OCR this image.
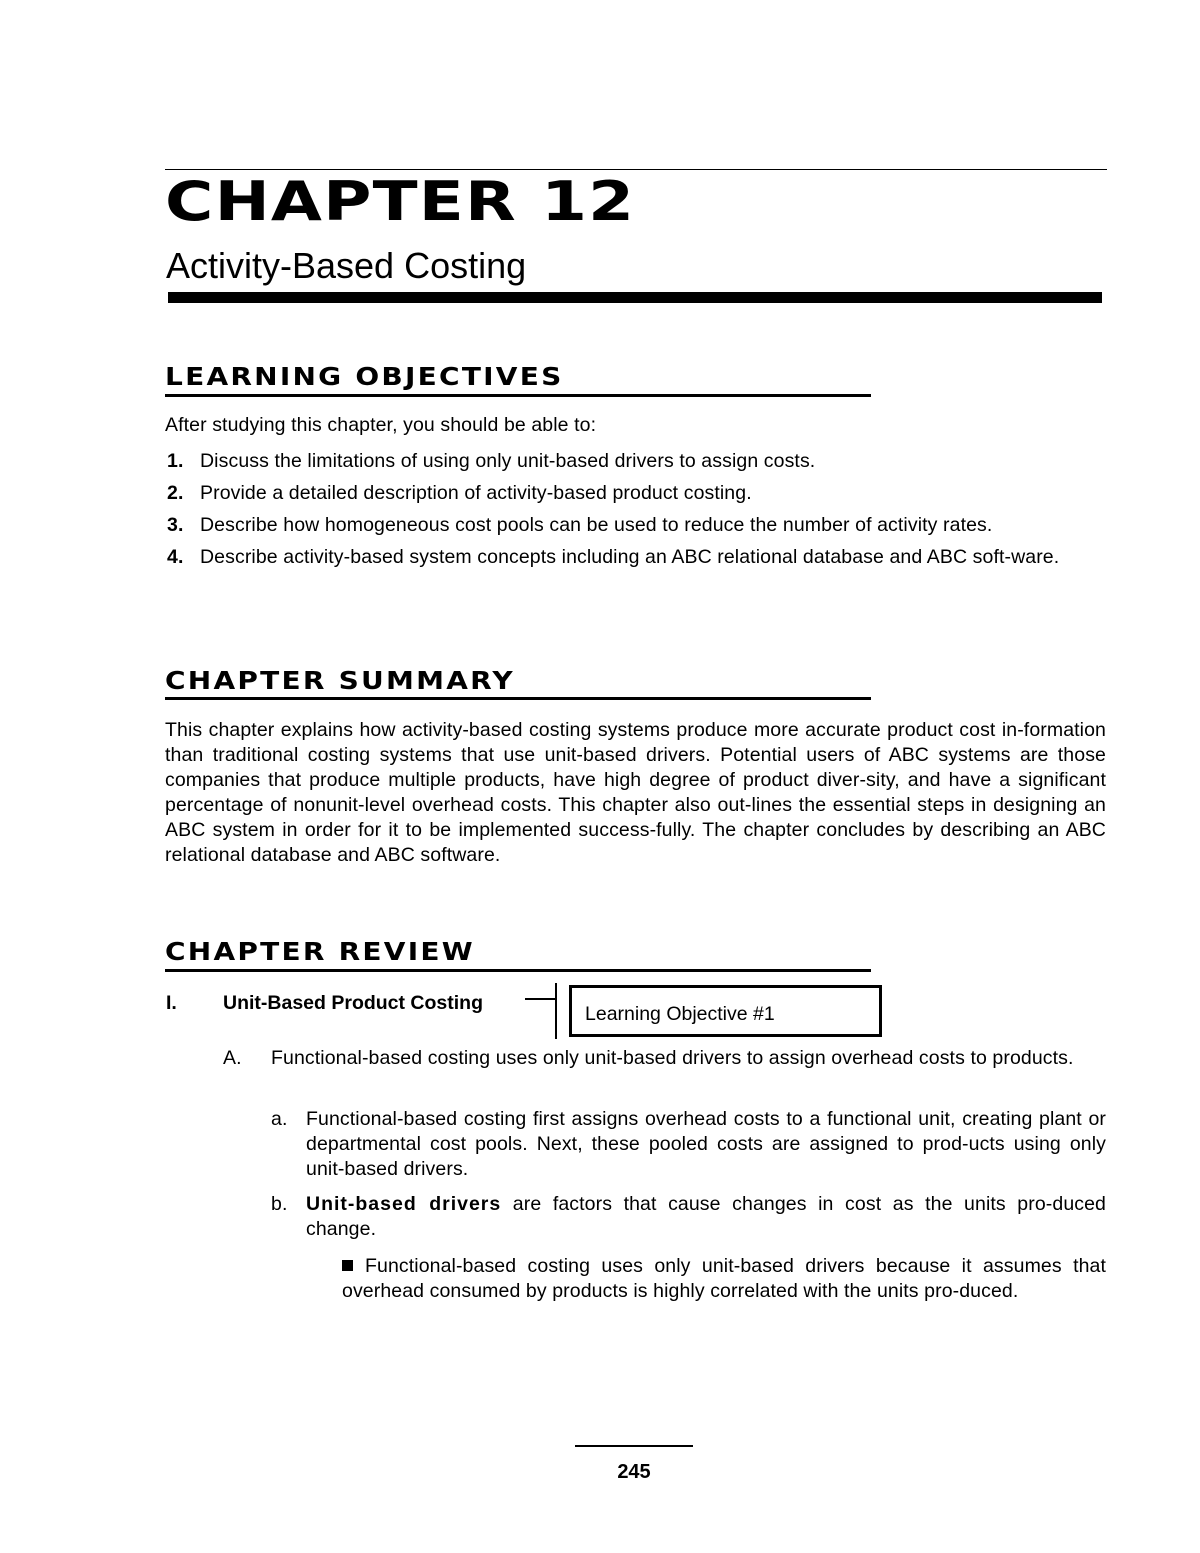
CHAPTER 12
Activity-Based Costing
LEARNING OBJECTIVES
After studying this chapter, you should be able to:
1. Discuss the limitations of using only unit-based drivers to assign costs.
2. Provide a detailed description of activity-based product costing.
3. Describe how homogeneous cost pools can be used to reduce the number of activity rates.
4. Describe activity-based system concepts including an ABC relational database and ABC soft-ware.
CHAPTER SUMMARY
This chapter explains how activity-based costing systems produce more accurate product cost in-formation than traditional costing systems that use unit-based drivers. Potential users of ABC systems are those companies that produce multiple products, have high degree of product diver-sity, and have a significant percentage of nonunit-level overhead costs. This chapter also out-lines the essential steps in designing an ABC system in order for it to be implemented success-fully. The chapter concludes by describing an ABC relational database and ABC software.
CHAPTER REVIEW
I. Unit-Based Product Costing	Learning Objective #1
A. Functional-based costing uses only unit-based drivers to assign overhead costs to products.
a. Functional-based costing first assigns overhead costs to a functional unit, creating plant or departmental cost pools. Next, these pooled costs are assigned to prod-ucts using only unit-based drivers.
b. Unit-based drivers are factors that cause changes in cost as the units pro-duced change.
Functional-based costing uses only unit-based drivers because it assumes that overhead consumed by products is highly correlated with the units pro-duced.
245
